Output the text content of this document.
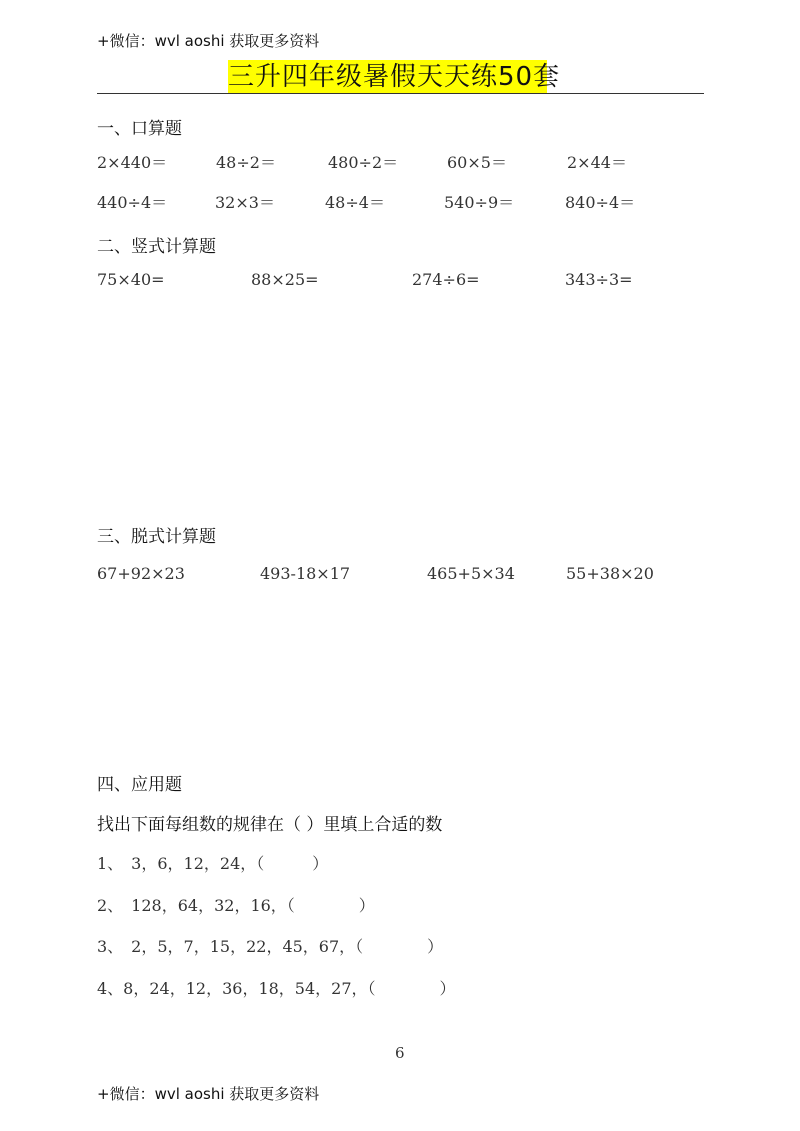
+微信：wvl aoshi 获取更多资料
三升四年级暑假天天练50套
一、口算题
2×440＝	48÷2＝	480÷2＝	60×5＝	2×44＝
440÷4＝	32×3＝	48÷4＝	540÷9＝	840÷4＝
二、竖式计算题
75×40=	88×25=	274÷6=	343÷3=
三、脱式计算题
67+92×23	493-18×17	465+5×34	55+38×20
四、应用题
找出下面每组数的规律在（ ）里填上合适的数
1、　3，6，12，24，（　　　）
2、　128，64，32，16，（　　　　）
3、　2，5，7，15，22，45，67，（　　　　）
4、8，24，12，36，18，54，27，（　　　　）
6
+微信：wvl aoshi 获取更多资料
